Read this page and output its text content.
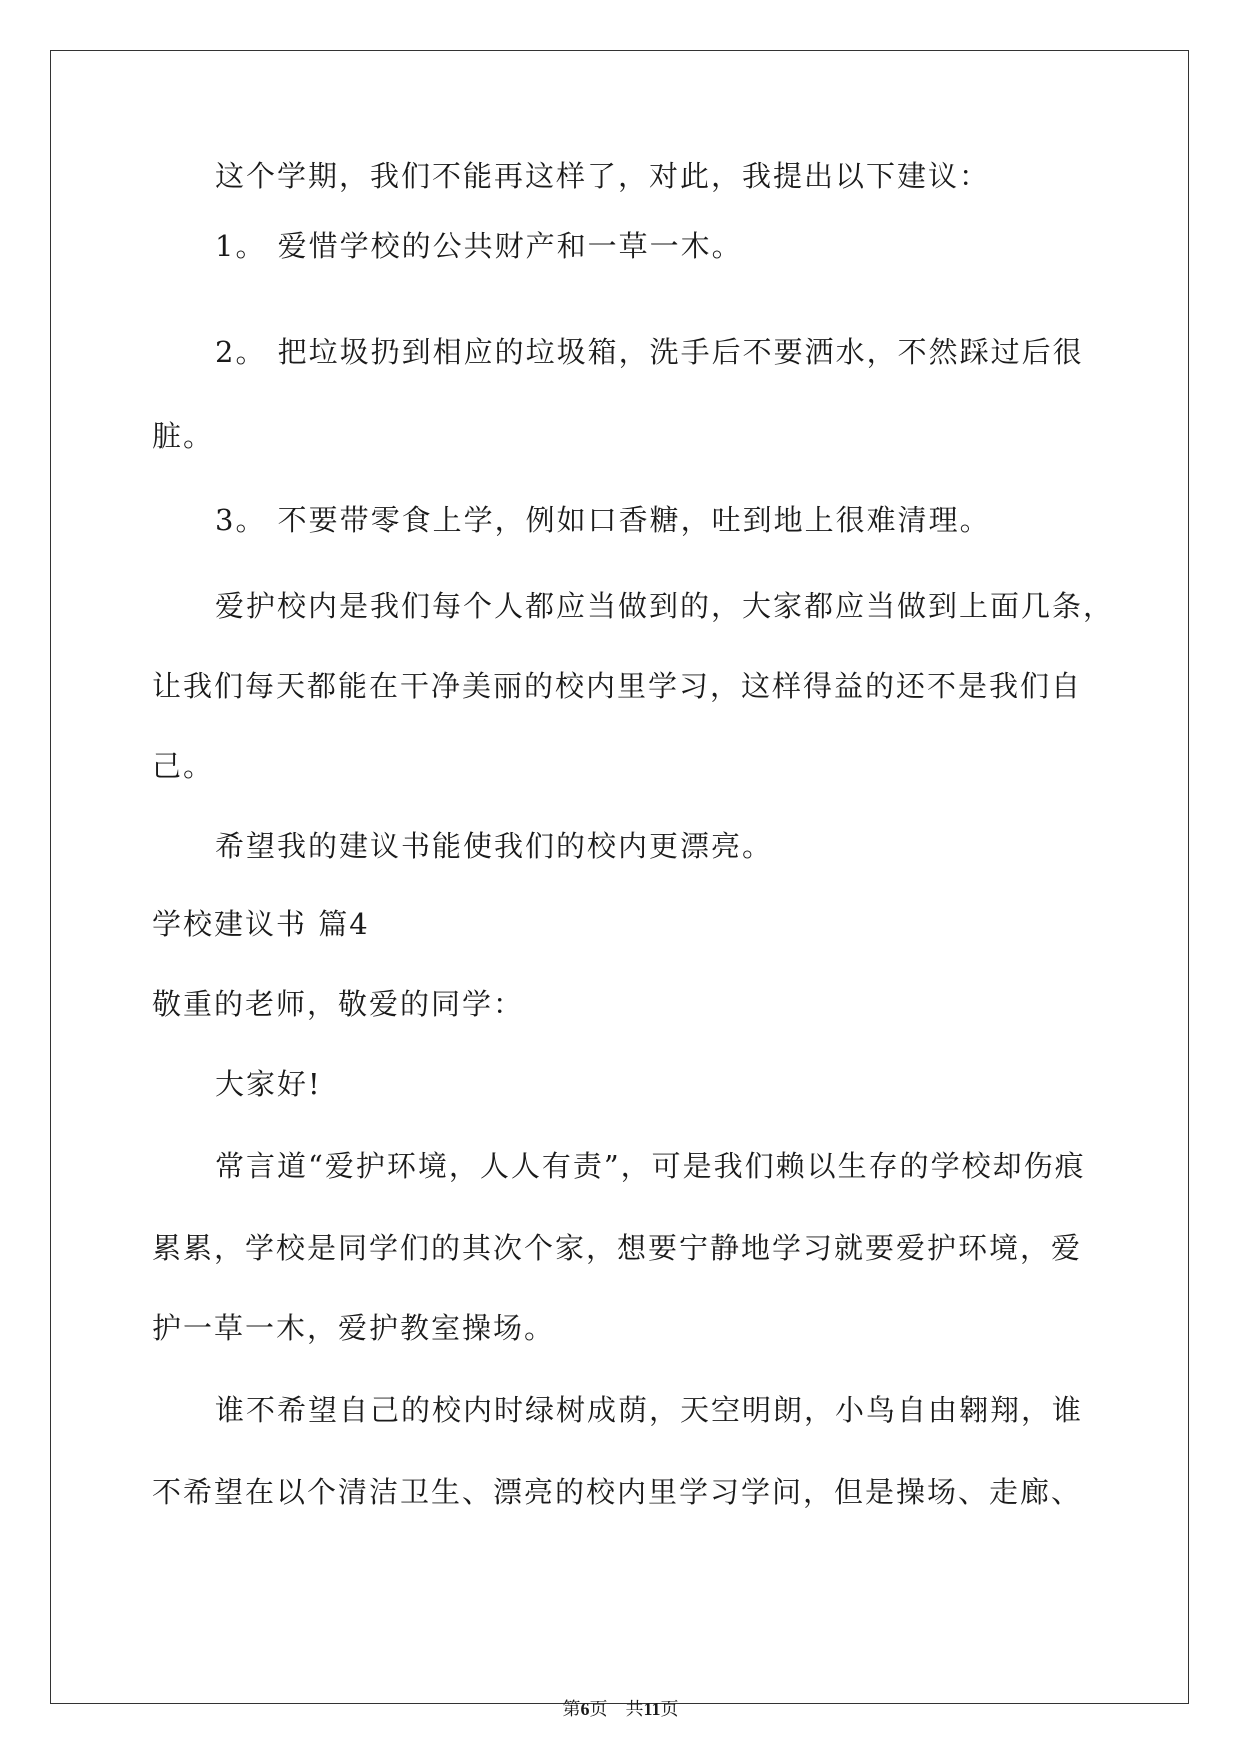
这个学期，我们不能再这样了，对此，我提出以下建议：
1。 爱惜学校的公共财产和一草一木。
2。 把垃圾扔到相应的垃圾箱，洗手后不要洒水，不然踩过后很
脏。
3。 不要带零食上学，例如口香糖，吐到地上很难清理。
爱护校内是我们每个人都应当做到的，大家都应当做到上面几条，
让我们每天都能在干净美丽的校内里学习，这样得益的还不是我们自
己。
希望我的建议书能使我们的校内更漂亮。
学校建议书 篇4
敬重的老师，敬爱的同学：
大家好!
常言道“爱护环境，人人有责”，可是我们赖以生存的学校却伤痕
累累，学校是同学们的其次个家，想要宁静地学习就要爱护环境，爱
护一草一木，爱护教室操场。
谁不希望自己的校内时绿树成荫，天空明朗，小鸟自由翱翔，谁
不希望在以个清洁卫生、漂亮的校内里学习学问，但是操场、走廊、
第6页 共11页
